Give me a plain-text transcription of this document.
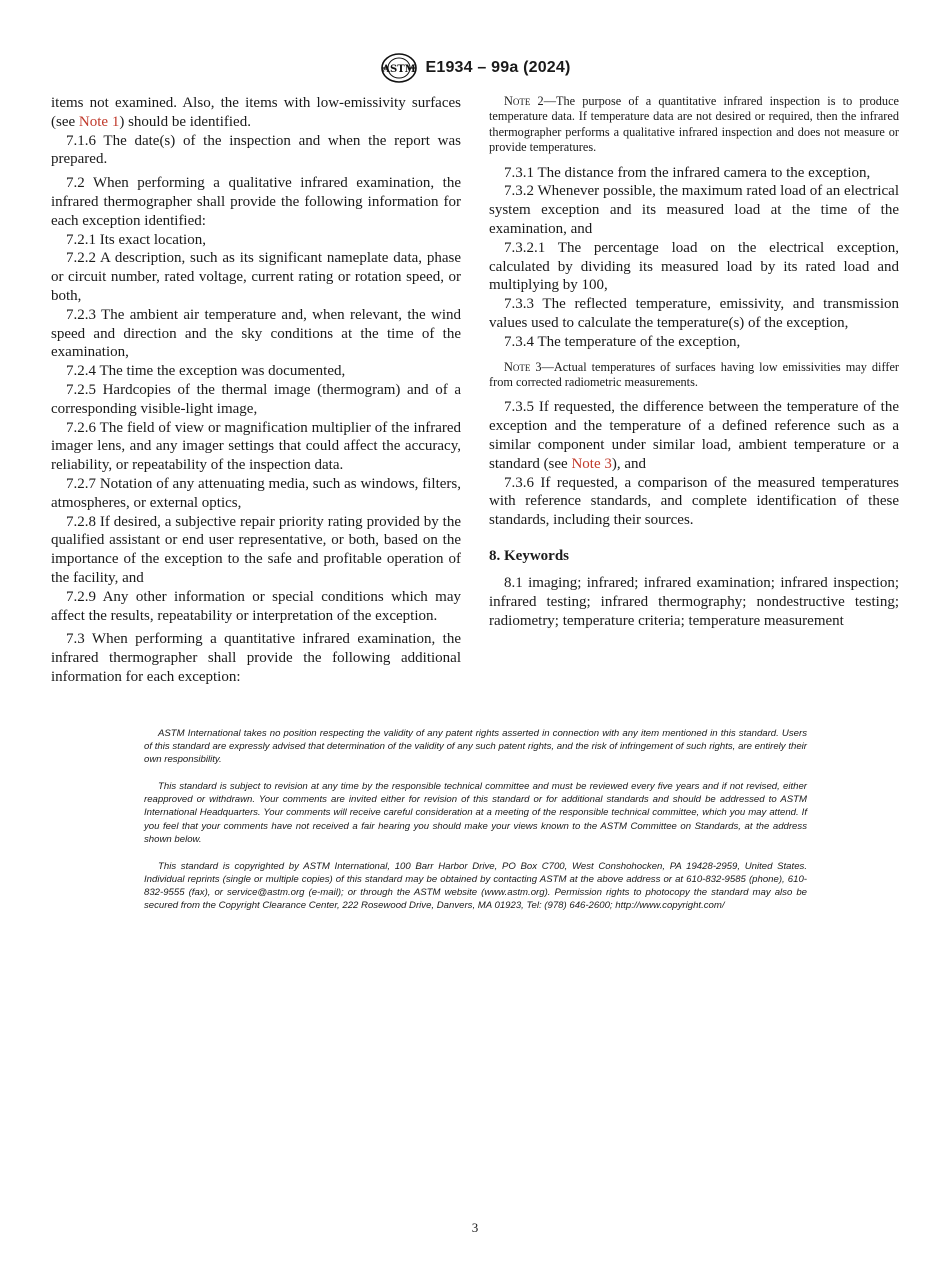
ASTM E1934 – 99a (2024)

items not examined. Also, the items with low-emissivity surfaces (see Note 1) should be identified.

7.1.6 The date(s) of the inspection and when the report was prepared.

7.2 When performing a qualitative infrared examination, the infrared thermographer shall provide the following information for each exception identified:

7.2.1 Its exact location,

7.2.2 A description, such as its significant nameplate data, phase or circuit number, rated voltage, current rating or rotation speed, or both,

7.2.3 The ambient air temperature and, when relevant, the wind speed and direction and the sky conditions at the time of the examination,

7.2.4 The time the exception was documented,

7.2.5 Hardcopies of the thermal image (thermogram) and of a corresponding visible-light image,

7.2.6 The field of view or magnification multiplier of the infrared imager lens, and any imager settings that could affect the accuracy, reliability, or repeatability of the inspection data.

7.2.7 Notation of any attenuating media, such as windows, filters, atmospheres, or external optics,

7.2.8 If desired, a subjective repair priority rating provided by the qualified assistant or end user representative, or both, based on the importance of the exception to the safe and profitable operation of the facility, and

7.2.9 Any other information or special conditions which may affect the results, repeatability or interpretation of the exception.

7.3 When performing a quantitative infrared examination, the infrared thermographer shall provide the following additional information for each exception:

Note 2—The purpose of a quantitative infrared inspection is to produce temperature data. If temperature data are not desired or required, then the infrared thermographer performs a qualitative infrared inspection and does not measure or provide temperatures.

7.3.1 The distance from the infrared camera to the exception,

7.3.2 Whenever possible, the maximum rated load of an electrical system exception and its measured load at the time of the examination, and

7.3.2.1 The percentage load on the electrical exception, calculated by dividing its measured load by its rated load and multiplying by 100,

7.3.3 The reflected temperature, emissivity, and transmission values used to calculate the temperature(s) of the exception,

7.3.4 The temperature of the exception,

Note 3—Actual temperatures of surfaces having low emissivities may differ from corrected radiometric measurements.

7.3.5 If requested, the difference between the temperature of the exception and the temperature of a defined reference such as a similar component under similar load, ambient temperature or a standard (see Note 3), and

7.3.6 If requested, a comparison of the measured temperatures with reference standards, and complete identification of these standards, including their sources.

8. Keywords

8.1 imaging; infrared; infrared examination; infrared inspection; infrared testing; infrared thermography; nondestructive testing; radiometry; temperature criteria; temperature measurement

ASTM International takes no position respecting the validity of any patent rights asserted in connection with any item mentioned in this standard. Users of this standard are expressly advised that determination of the validity of any such patent rights, and the risk of infringement of such rights, are entirely their own responsibility.

This standard is subject to revision at any time by the responsible technical committee and must be reviewed every five years and if not revised, either reapproved or withdrawn. Your comments are invited either for revision of this standard or for additional standards and should be addressed to ASTM International Headquarters. Your comments will receive careful consideration at a meeting of the responsible technical committee, which you may attend. If you feel that your comments have not received a fair hearing you should make your views known to the ASTM Committee on Standards, at the address shown below.

This standard is copyrighted by ASTM International, 100 Barr Harbor Drive, PO Box C700, West Conshohocken, PA 19428-2959, United States. Individual reprints (single or multiple copies) of this standard may be obtained by contacting ASTM at the above address or at 610-832-9585 (phone), 610-832-9555 (fax), or service@astm.org (e-mail); or through the ASTM website (www.astm.org). Permission rights to photocopy the standard may also be secured from the Copyright Clearance Center, 222 Rosewood Drive, Danvers, MA 01923, Tel: (978) 646-2600; http://www.copyright.com/

3
